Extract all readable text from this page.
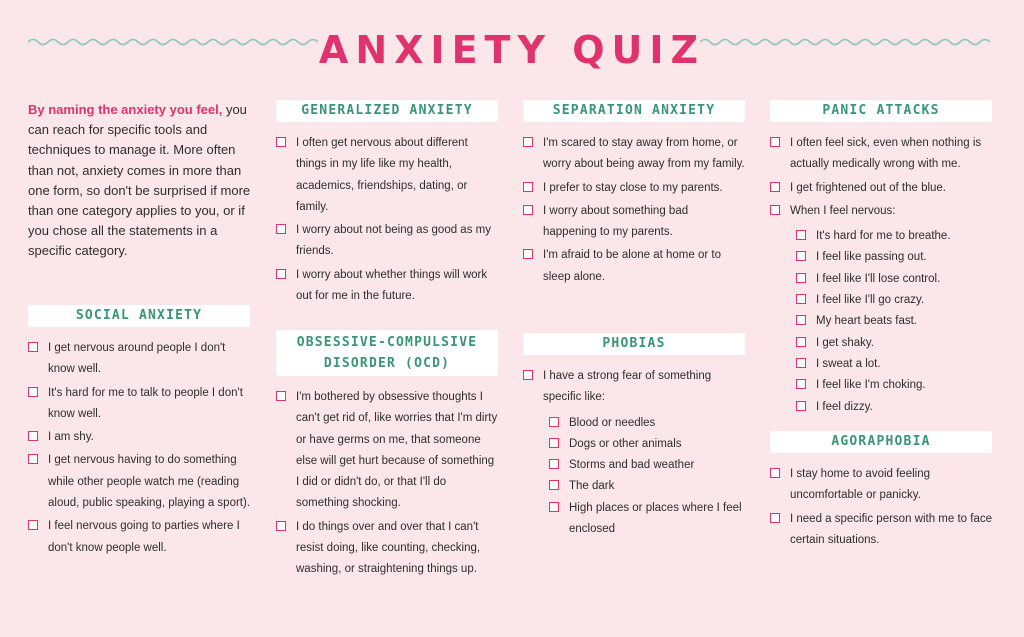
ANXIETY QUIZ
By naming the anxiety you feel, you can reach for specific tools and techniques to manage it. More often than not, anxiety comes in more than one form, so don't be surprised if more than one category applies to you, or if you chose all the statements in a specific category.
SOCIAL ANXIETY
I get nervous around people I don't know well.
It's hard for me to talk to people I don't know well.
I am shy.
I get nervous having to do something while other people watch me (reading aloud, public speaking, playing a sport).
I feel nervous going to parties where I don't know people well.
GENERALIZED ANXIETY
I often get nervous about different things in my life like my health, academics, friendships, dating, or family.
I worry about not being as good as my friends.
I worry about whether things will work out for me in the future.
OBSESSIVE-COMPULSIVE DISORDER (OCD)
I'm bothered by obsessive thoughts I can't get rid of, like worries that I'm dirty or have germs on me, that someone else will get hurt because of something I did or didn't do, or that I'll do something shocking.
I do things over and over that I can't resist doing, like counting, checking, washing, or straightening things up.
SEPARATION ANXIETY
I'm scared to stay away from home, or worry about being away from my family.
I prefer to stay close to my parents.
I worry about something bad happening to my parents.
I'm afraid to be alone at home or to sleep alone.
PHOBIAS
I have a strong fear of something specific like:
Blood or needles
Dogs or other animals
Storms and bad weather
The dark
High places or places where I feel enclosed
PANIC ATTACKS
I often feel sick, even when nothing is actually medically wrong with me.
I get frightened out of the blue.
When I feel nervous:
It's hard for me to breathe.
I feel like passing out.
I feel like I'll lose control.
I feel like I'll go crazy.
My heart beats fast.
I get shaky.
I sweat a lot.
I feel like I'm choking.
I feel dizzy.
AGORAPHOBIA
I stay home to avoid feeling uncomfortable or panicky.
I need a specific person with me to face certain situations.
